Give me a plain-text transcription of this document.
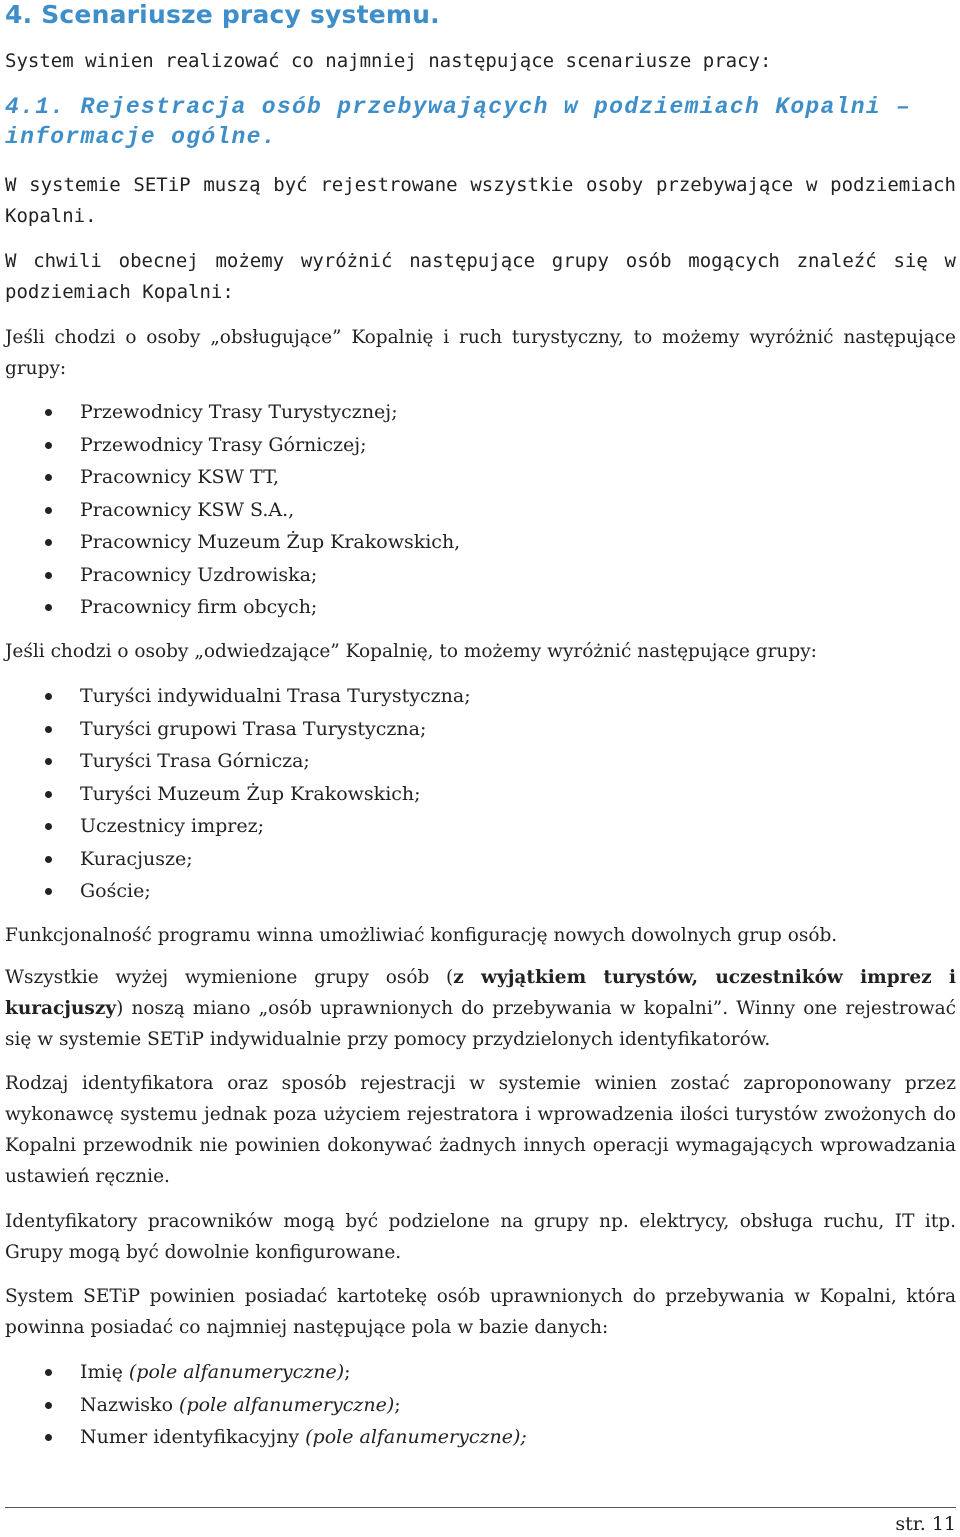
4. Scenariusze pracy systemu.

System winien realizować co najmniej następujące scenariusze pracy:

4.1. Rejestracja osób przebywających w podziemiach Kopalni – informacje ogólne.

W systemie SETiP muszą być rejestrowane wszystkie osoby przebywające w podziemiach Kopalni.

W chwili obecnej możemy wyróżnić następujące grupy osób mogących znaleźć się w podziemiach Kopalni:

Jeśli chodzi o osoby „obsługujące” Kopalnię i ruch turystyczny, to możemy wyróżnić następujące grupy:

Przewodnicy Trasy Turystycznej;
Przewodnicy Trasy Górniczej;
Pracownicy KSW TT,
Pracownicy KSW S.A.,
Pracownicy Muzeum Żup Krakowskich,
Pracownicy Uzdrowiska;
Pracownicy firm obcych;

Jeśli chodzi o osoby „odwiedzające” Kopalnię, to możemy wyróżnić następujące grupy:

Turyści indywidualni Trasa Turystyczna;
Turyści grupowi Trasa Turystyczna;
Turyści Trasa Górnicza;
Turyści Muzeum Żup Krakowskich;
Uczestnicy imprez;
Kuracjusze;
Goście;

Funkcjonalność programu winna umożliwiać konfigurację nowych dowolnych grup osób.

Wszystkie wyżej wymienione grupy osób (z wyjątkiem turystów, uczestników imprez i kuracjuszy) noszą miano „osób uprawnionych do przebywania w kopalni”. Winny one rejestrować się w systemie SETiP indywidualnie przy pomocy przydzielonych identyfikatorów.

Rodzaj identyfikatora oraz sposób rejestracji w systemie winien zostać zaproponowany przez wykonawcę systemu jednak poza użyciem rejestratora i wprowadzenia ilości turystów zwożonych do Kopalni przewodnik nie powinien dokonywać żadnych innych operacji wymagających wprowadzania ustawień ręcznie.

Identyfikatory pracowników mogą być podzielone na grupy np. elektrycy, obsługa ruchu, IT itp. Grupy mogą być dowolnie konfigurowane.

System SETiP powinien posiadać kartotekę osób uprawnionych do przebywania w Kopalni, która powinna posiadać co najmniej następujące pola w bazie danych:

Imię (pole alfanumeryczne);
Nazwisko (pole alfanumeryczne);
Numer identyfikacyjny (pole alfanumeryczne);
str. 11
